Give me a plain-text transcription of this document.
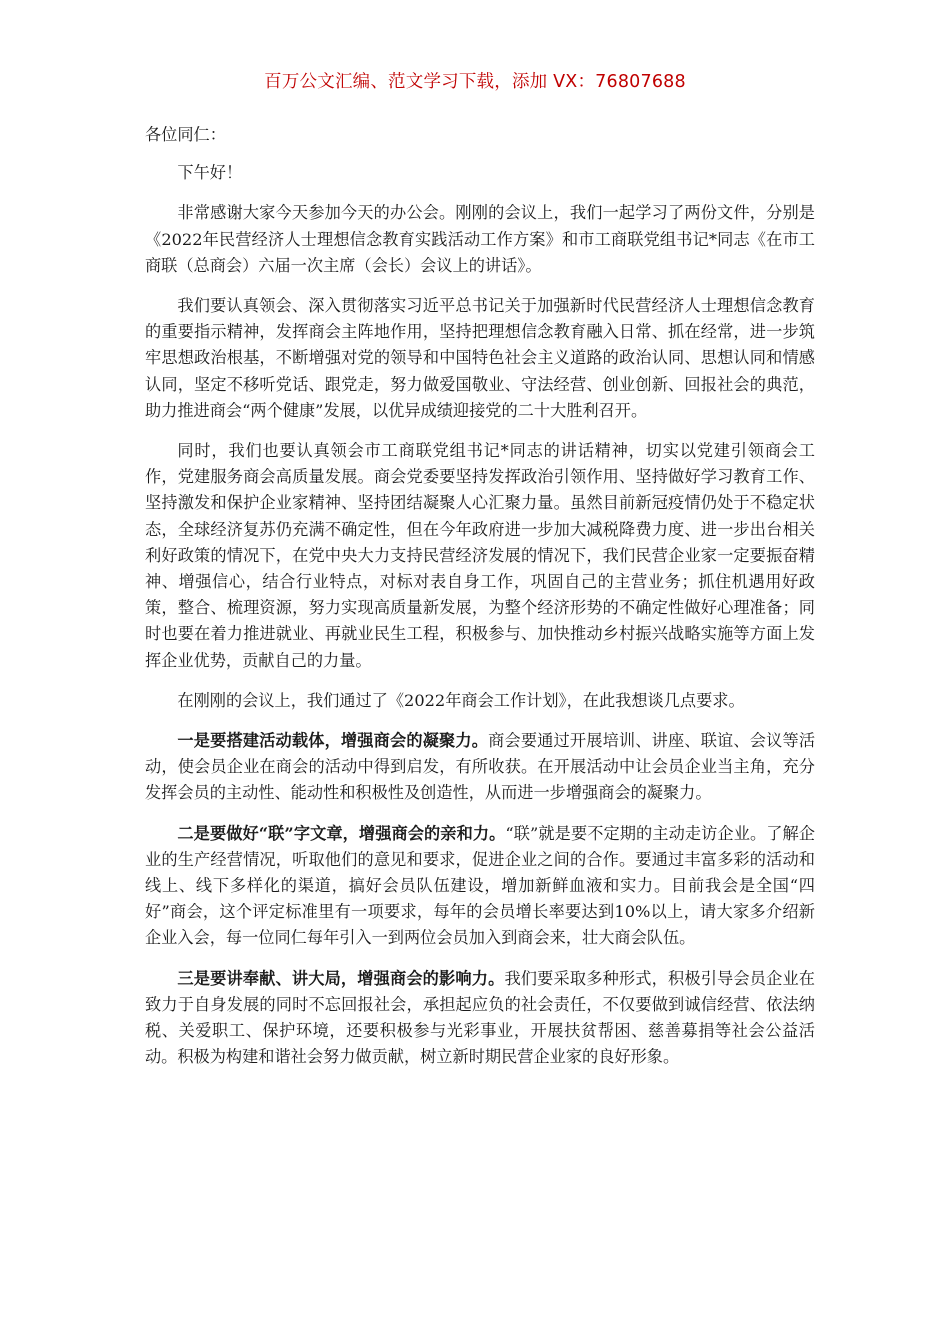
百万公文汇编、范文学习下载，添加 VX：76807688

各位同仁：

下午好！

非常感谢大家今天参加今天的办公会。刚刚的会议上，我们一起学习了两份文件，分别是《2022年民营经济人士理想信念教育实践活动工作方案》和市工商联党组书记*同志《在市工商联（总商会）六届一次主席（会长）会议上的讲话》。

我们要认真领会、深入贯彻落实习近平总书记关于加强新时代民营经济人士理想信念教育的重要指示精神，发挥商会主阵地作用，坚持把理想信念教育融入日常、抓在经常，进一步筑牢思想政治根基，不断增强对党的领导和中国特色社会主义道路的政治认同、思想认同和情感认同，坚定不移听党话、跟党走，努力做爱国敬业、守法经营、创业创新、回报社会的典范，助力推进商会“两个健康”发展，以优异成绩迎接党的二十大胜利召开。

同时，我们也要认真领会市工商联党组书记*同志的讲话精神，切实以党建引领商会工作，党建服务商会高质量发展。商会党委要坚持发挥政治引领作用、坚持做好学习教育工作、坚持激发和保护企业家精神、坚持团结凝聚人心汇聚力量。虽然目前新冠疫情仍处于不稳定状态，全球经济复苏仍充满不确定性，但在今年政府进一步加大减税降费力度、进一步出台相关利好政策的情况下，在党中央大力支持民营经济发展的情况下，我们民营企业家一定要振奋精神、增强信心，结合行业特点，对标对表自身工作，巩固自己的主营业务；抓住机遇用好政策，整合、梳理资源，努力实现高质量新发展，为整个经济形势的不确定性做好心理准备；同时也要在着力推进就业、再就业民生工程，积极参与、加快推动乡村振兴战略实施等方面上发挥企业优势，贡献自己的力量。

在刚刚的会议上，我们通过了《2022年商会工作计划》，在此我想谈几点要求。

一是要搭建活动载体，增强商会的凝聚力。商会要通过开展培训、讲座、联谊、会议等活动，使会员企业在商会的活动中得到启发，有所收获。在开展活动中让会员企业当主角，充分发挥会员的主动性、能动性和积极性及创造性，从而进一步增强商会的凝聚力。

二是要做好“联”字文章，增强商会的亲和力。“联”就是要不定期的主动走访企业。了解企业的生产经营情况，听取他们的意见和要求，促进企业之间的合作。要通过丰富多彩的活动和线上、线下多样化的渠道，搞好会员队伍建设，增加新鲜血液和实力。目前我会是全国“四好”商会，这个评定标准里有一项要求，每年的会员增长率要达到10%以上，请大家多介绍新企业入会，每一位同仁每年引入一到两位会员加入到商会来，壮大商会队伍。

三是要讲奉献、讲大局，增强商会的影响力。我们要采取多种形式，积极引导会员企业在致力于自身发展的同时不忘回报社会，承担起应负的社会责任，不仅要做到诚信经营、依法纳税、关爱职工、保护环境，还要积极参与光彩事业，开展扶贫帮困、慈善募捐等社会公益活动。积极为构建和谐社会努力做贡献，树立新时期民营企业家的良好形象。
